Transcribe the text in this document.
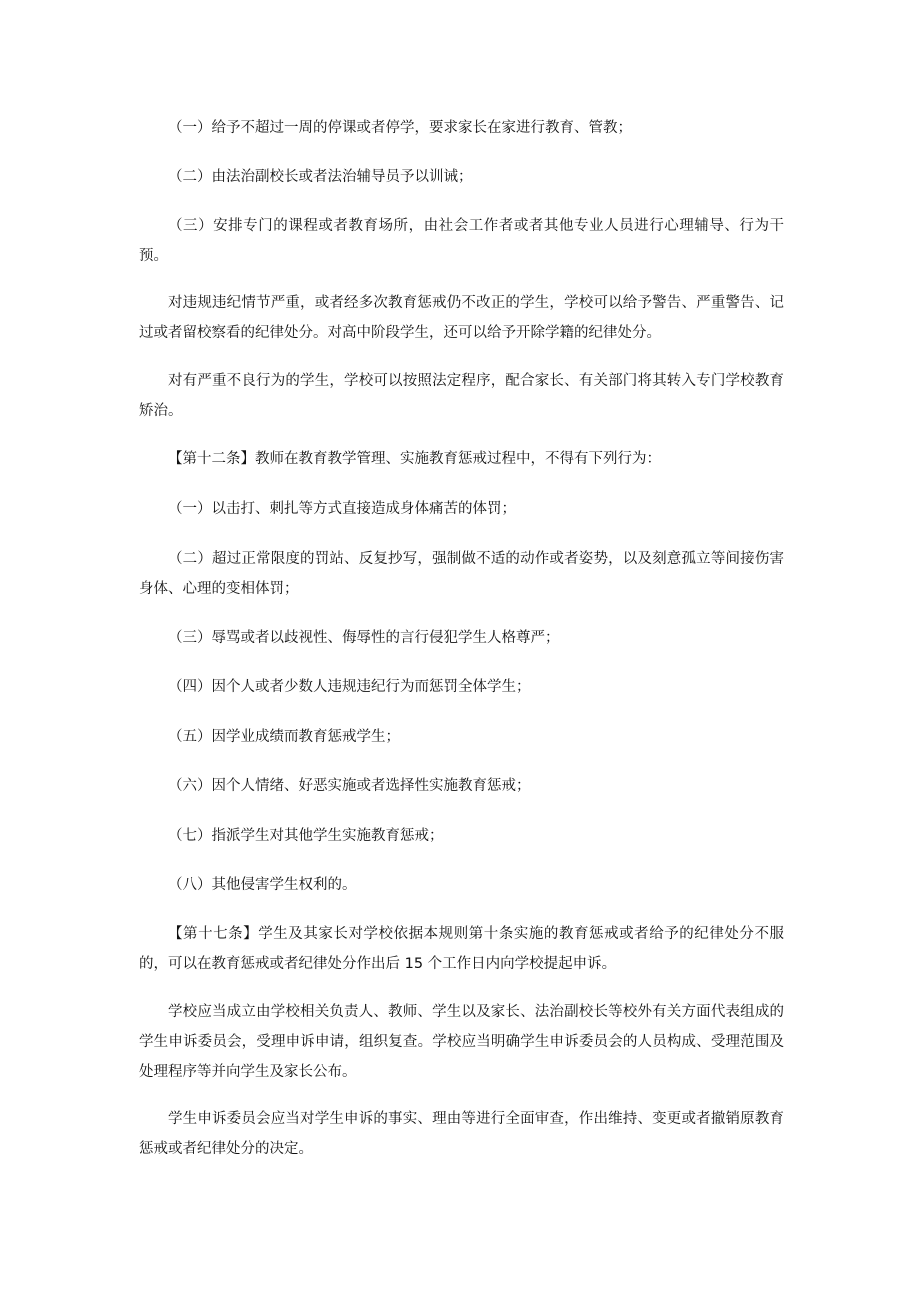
（一）给予不超过一周的停课或者停学，要求家长在家进行教育、管教；

（二）由法治副校长或者法治辅导员予以训诫；

（三）安排专门的课程或者教育场所，由社会工作者或者其他专业人员进行心理辅导、行为干预。

对违规违纪情节严重，或者经多次教育惩戒仍不改正的学生，学校可以给予警告、严重警告、记过或者留校察看的纪律处分。对高中阶段学生，还可以给予开除学籍的纪律处分。

对有严重不良行为的学生，学校可以按照法定程序，配合家长、有关部门将其转入专门学校教育矫治。

【第十二条】教师在教育教学管理、实施教育惩戒过程中，不得有下列行为：

（一）以击打、刺扎等方式直接造成身体痛苦的体罚；

（二）超过正常限度的罚站、反复抄写，强制做不适的动作或者姿势，以及刻意孤立等间接伤害身体、心理的变相体罚；

（三）辱骂或者以歧视性、侮辱性的言行侵犯学生人格尊严；

（四）因个人或者少数人违规违纪行为而惩罚全体学生；

（五）因学业成绩而教育惩戒学生；

（六）因个人情绪、好恶实施或者选择性实施教育惩戒；

（七）指派学生对其他学生实施教育惩戒；

（八）其他侵害学生权利的。

【第十七条】学生及其家长对学校依据本规则第十条实施的教育惩戒或者给予的纪律处分不服的，可以在教育惩戒或者纪律处分作出后 15 个工作日内向学校提起申诉。

学校应当成立由学校相关负责人、教师、学生以及家长、法治副校长等校外有关方面代表组成的学生申诉委员会，受理申诉申请，组织复查。学校应当明确学生申诉委员会的人员构成、受理范围及处理程序等并向学生及家长公布。

学生申诉委员会应当对学生申诉的事实、理由等进行全面审查，作出维持、变更或者撤销原教育惩戒或者纪律处分的决定。
